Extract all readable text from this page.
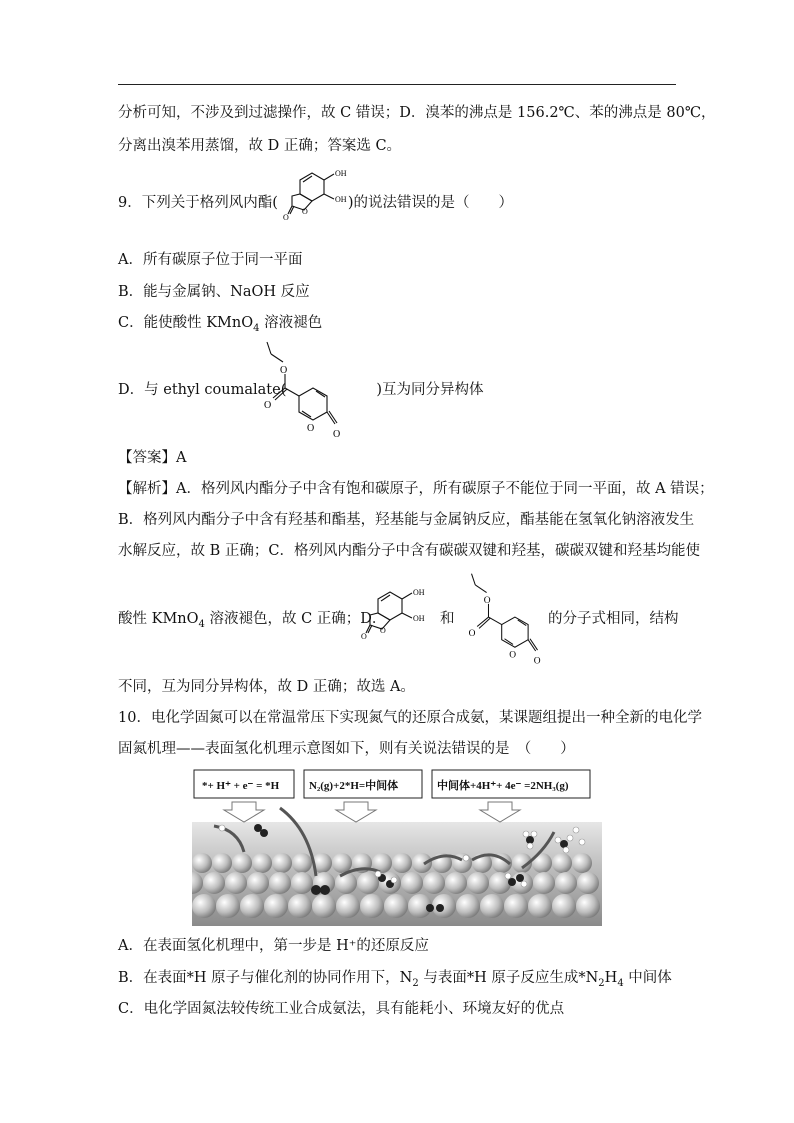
分析可知，不涉及到过滤操作，故 C 错误；D．溴苯的沸点是 156.2℃、苯的沸点是 80℃，
分离出溴苯用蒸馏，故 D 正确；答案选 C。
9．下列关于格列风内酯(	)的说法错误的是（　　）
OH
OH
O
O
A．所有碳原子位于同一平面
B．能与金属钠、NaOH 反应
C．能使酸性 KMnO$_4$ 溶液褪色
D．与 ethyl coumalate(	)互为同分异构体
O
O
O
O
【答案】A
【解析】A．格列风内酯分子中含有饱和碳原子，所有碳原子不能位于同一平面，故 A 错误；
B．格列风内酯分子中含有羟基和酯基，羟基能与金属钠反应，酯基能在氢氧化钠溶液发生
水解反应，故 B 正确；C．格列风内酯分子中含有碳碳双键和羟基，碳碳双键和羟基均能使
酸性 KMnO$_4$ 溶液褪色，故 C 正确；D．	和	的分子式相同，结构
OH
OH
O
O
O
O
O
O
不同，互为同分异构体，故 D 正确；故选 A。
10．电化学固氮可以在常温常压下实现氮气的还原合成氨，某课题组提出一种全新的电化学
固氮机理——表面氢化机理示意图如下，则有关说法错误的是　（　　）
*+ H⁺ + e⁻ = *H	N₂(g)+2*H=中间体	中间体+4H⁺+ 4e⁻ =2NH₃(g)
A．在表面氢化机理中，第一步是 H⁺的还原反应
B．在表面*H 原子与催化剂的协同作用下，$N_2$ 与表面*H 原子反应生成$*N_2H_4$ 中间体
C．电化学固氮法较传统工业合成氨法，具有能耗小、环境友好的优点
